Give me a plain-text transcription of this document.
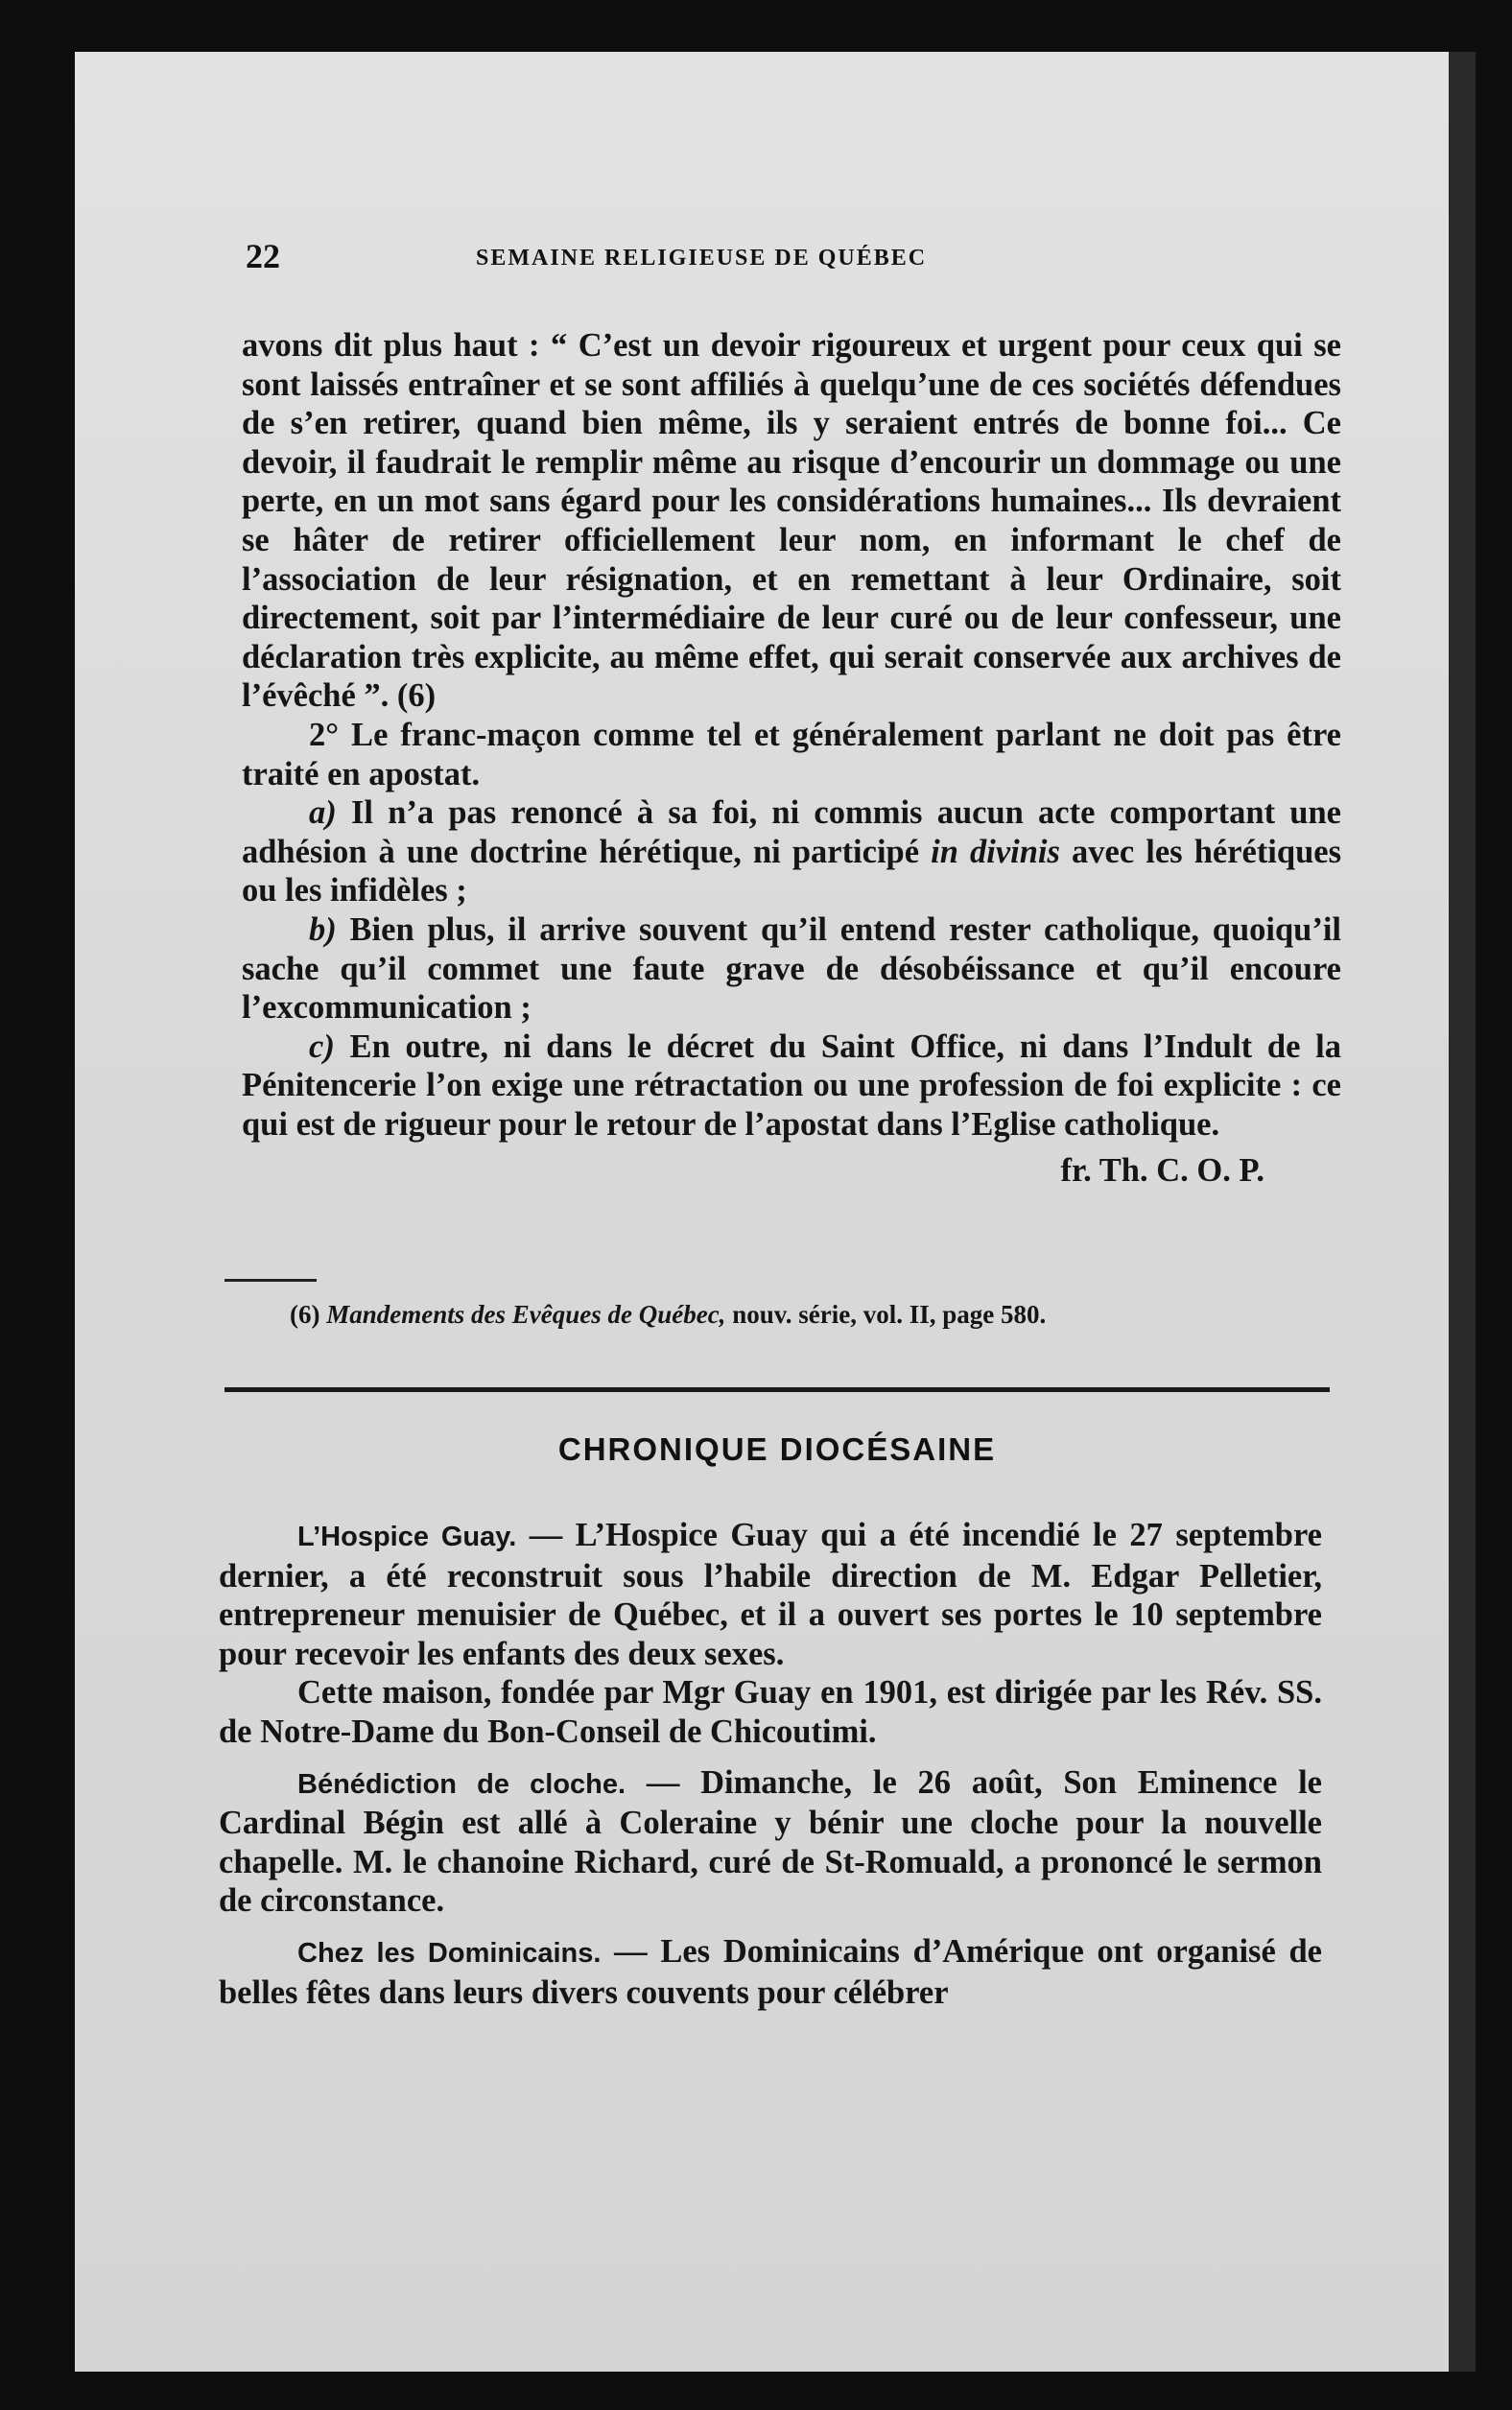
22	SEMAINE RELIGIEUSE DE QUÉBEC

avons dit plus haut : “ C’est un devoir rigoureux et urgent pour ceux qui se sont laissés entraîner et se sont affiliés à quelqu’une de ces sociétés défendues de s’en retirer, quand bien même, ils y seraient entrés de bonne foi... Ce devoir, il faudrait le remplir même au risque d’encourir un dommage ou une perte, en un mot sans égard pour les considérations humaines... Ils devraient se hâter de retirer officiellement leur nom, en informant le chef de l’association de leur résignation, et en remettant à leur Ordinaire, soit directement, soit par l’intermédiaire de leur curé ou de leur confesseur, une déclaration très explicite, au même effet, qui serait conservée aux archives de l’évêché ”. (6)

2° Le franc-maçon comme tel et généralement parlant ne doit pas être traité en apostat.

a) Il n’a pas renoncé à sa foi, ni commis aucun acte comportant une adhésion à une doctrine hérétique, ni participé in divinis avec les hérétiques ou les infidèles ;

b) Bien plus, il arrive souvent qu’il entend rester catholique, quoiqu’il sache qu’il commet une faute grave de désobéissance et qu’il encoure l’excommunication ;

c) En outre, ni dans le décret du Saint Office, ni dans l’Indult de la Pénitencerie l’on exige une rétractation ou une profession de foi explicite : ce qui est de rigueur pour le retour de l’apostat dans l’Eglise catholique.

fr. Th. C. O. P.

(6) Mandements des Evêques de Québec, nouv. série, vol. II, page 580.
CHRONIQUE DIOCÉSAINE

L’Hospice Guay. — L’Hospice Guay qui a été incendié le 27 septembre dernier, a été reconstruit sous l’habile direction de M. Edgar Pelletier, entrepreneur menuisier de Québec, et il a ouvert ses portes le 10 septembre pour recevoir les enfants des deux sexes.

Cette maison, fondée par Mgr Guay en 1901, est dirigée par les Rév. SS. de Notre-Dame du Bon-Conseil de Chicoutimi.

Bénédiction de cloche. — Dimanche, le 26 août, Son Eminence le Cardinal Bégin est allé à Coleraine y bénir une cloche pour la nouvelle chapelle. M. le chanoine Richard, curé de St-Romuald, a prononcé le sermon de circonstance.

Chez les Dominicains. — Les Dominicains d’Amérique ont organisé de belles fêtes dans leurs divers couvents pour célébrer
